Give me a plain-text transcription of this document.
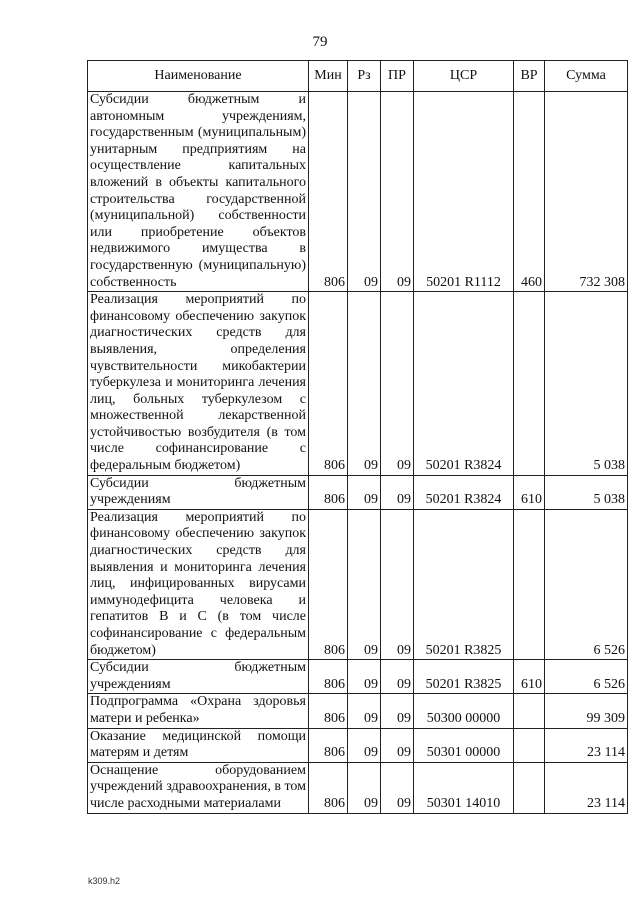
79
Наименование	Мин	Рз	ПР	ЦСР	ВР	Сумма
Субсидии бюджетным и автономным учреждениям, государственным (муниципальным) унитарным предприятиям на осуществление капитальных вложений в объекты капитального строительства государственной (муниципальной) собственности или приобретение объектов недвижимого имущества в государственную (муниципальную) собственность	806	09	09	50201 R1112	460	732 308
Реализация мероприятий по финансовому обеспечению закупок диагностических средств для выявления, определения чувствительности микобактерии туберкулеза и мониторинга лечения лиц, больных туберкулезом с множественной лекарственной устойчивостью возбудителя (в том числе софинансирование с федеральным бюджетом)	806	09	09	50201 R3824		5 038
Субсидии бюджетным учреждениям	806	09	09	50201 R3824	610	5 038
Реализация мероприятий по финансовому обеспечению закупок диагностических средств для выявления и мониторинга лечения лиц, инфицированных вирусами иммунодефицита человека и гепатитов В и С (в том числе софинансирование с федеральным бюджетом)	806	09	09	50201 R3825		6 526
Субсидии бюджетным учреждениям	806	09	09	50201 R3825	610	6 526
Подпрограмма «Охрана здоровья матери и ребенка»	806	09	09	50300 00000		99 309
Оказание медицинской помощи матерям и детям	806	09	09	50301 00000		23 114
Оснащение оборудованием учреждений здравоохранения, в том числе расходными материалами	806	09	09	50301 14010		23 114
k309.h2
